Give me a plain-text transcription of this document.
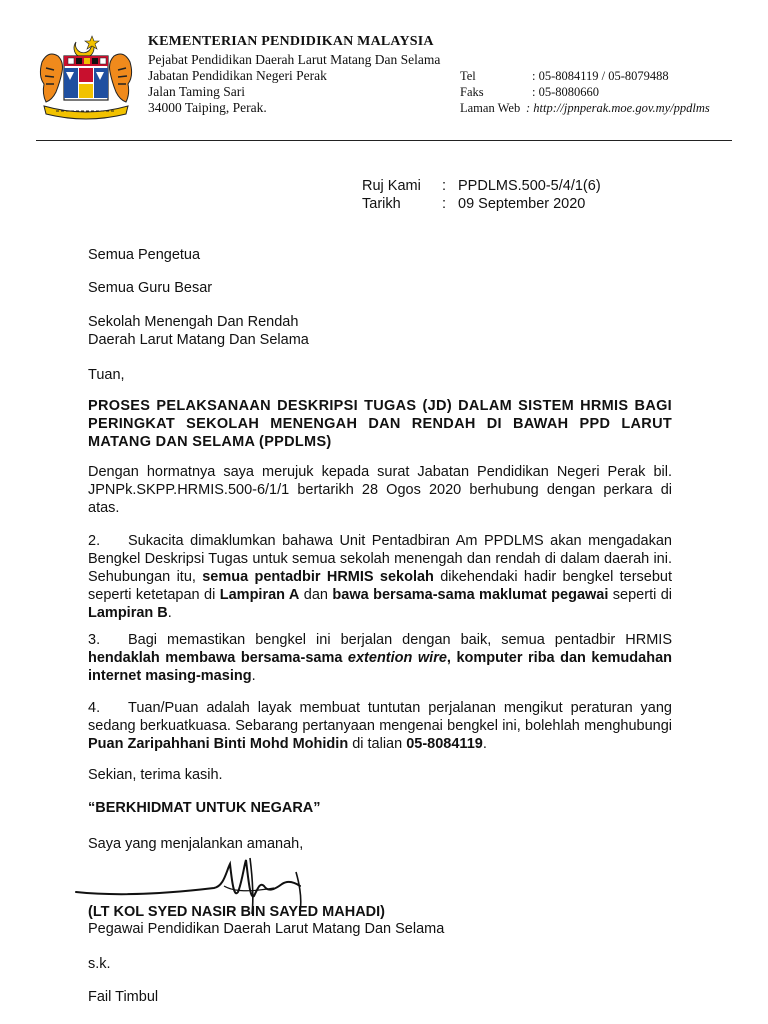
KEMENTERIAN PENDIDIKAN MALAYSIA
Pejabat Pendidikan Daerah Larut Matang Dan Selama
Jabatan Pendidikan Negeri Perak
Jalan Taming Sari
34000 Taiping, Perak.
Tel	: 05-8084119 / 05-8079488
Faks	: 05-8080660
Laman Web : http://jpnperak.moe.gov.my/ppdlms
Ruj Kami	: PPDLMS.500-5/4/1(6)
Tarikh	: 09 September 2020
Semua Pengetua
Semua Guru Besar
Sekolah Menengah Dan Rendah
Daerah Larut Matang Dan Selama
Tuan,
PROSES PELAKSANAAN DESKRIPSI TUGAS (JD) DALAM SISTEM HRMIS BAGI PERINGKAT SEKOLAH MENENGAH DAN RENDAH DI BAWAH PPD LARUT MATANG DAN SELAMA (PPDLMS)
Dengan hormatnya saya merujuk kepada surat Jabatan Pendidikan Negeri Perak bil. JPNPk.SKPP.HRMIS.500-6/1/1 bertarikh 28 Ogos 2020 berhubung dengan perkara di atas.
2. Sukacita dimaklumkan bahawa Unit Pentadbiran Am PPDLMS akan mengadakan Bengkel Deskripsi Tugas untuk semua sekolah menengah dan rendah di dalam daerah ini. Sehubungan itu, semua pentadbir HRMIS sekolah dikehendaki hadir bengkel tersebut seperti ketetapan di Lampiran A dan bawa bersama-sama maklumat pegawai seperti di Lampiran B.
3. Bagi memastikan bengkel ini berjalan dengan baik, semua pentadbir HRMIS hendaklah membawa bersama-sama extention wire, komputer riba dan kemudahan internet masing-masing.
4. Tuan/Puan adalah layak membuat tuntutan perjalanan mengikut peraturan yang sedang berkuatkuasa. Sebarang pertanyaan mengenai bengkel ini, bolehlah menghubungi Puan Zaripahhani Binti Mohd Mohidin di talian 05-8084119.
Sekian, terima kasih.
“BERKHIDMAT UNTUK NEGARA”
Saya yang menjalankan amanah,
(LT KOL SYED NASIR BIN SAYED MAHADI)
Pegawai Pendidikan Daerah Larut Matang Dan Selama
s.k.
Fail Timbul
